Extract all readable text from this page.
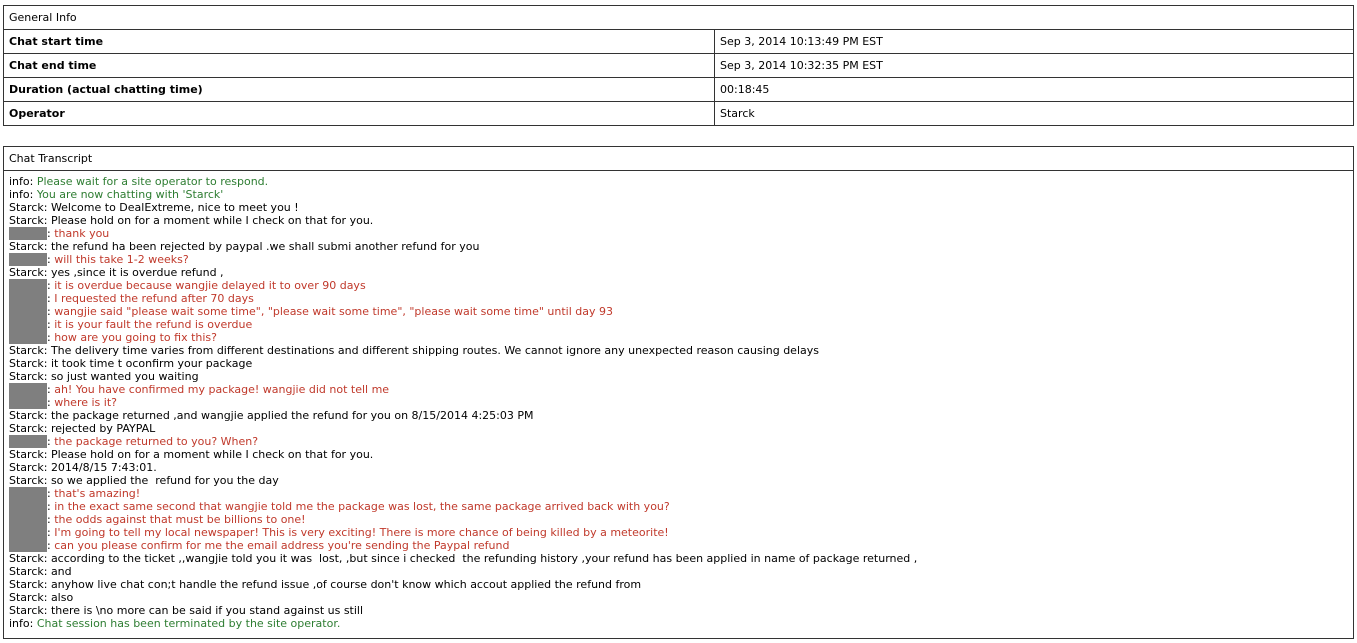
General Info	
Chat start time	Sep 3, 2014 10:13:49 PM EST
Chat end time	Sep 3, 2014 10:32:35 PM EST
Duration (actual chatting time)	00:18:45
Operator	Starck
Chat Transcript
info: Please wait for a site operator to respond.
info: You are now chatting with 'Starck'
Starck: Welcome to DealExtreme, nice to meet you !
Starck: Please hold on for a moment while I check on that for you.
: thank you
Starck: the refund ha been rejected by paypal .we shall submi another refund for you
: will this take 1-2 weeks?
Starck: yes ,since it is overdue refund ,
: it is overdue because wangjie delayed it to over 90 days
: I requested the refund after 70 days
: wangjie said "please wait some time", "please wait some time", "please wait some time" until day 93
: it is your fault the refund is overdue
: how are you going to fix this?
Starck: The delivery time varies from different destinations and different shipping routes. We cannot ignore any unexpected reason causing delays
Starck: it took time t oconfirm your package
Starck: so just wanted you waiting
: ah! You have confirmed my package! wangjie did not tell me
: where is it?
Starck: the package returned ,and wangjie applied the refund for you on 8/15/2014 4:25:03 PM
Starck: rejected by PAYPAL
: the package returned to you? When?
Starck: Please hold on for a moment while I check on that for you.
Starck: 2014/8/15 7:43:01.
Starck: so we applied the  refund for you the day
: that's amazing!
: in the exact same second that wangjie told me the package was lost, the same package arrived back with you?
: the odds against that must be billions to one!
: I'm going to tell my local newspaper! This is very exciting! There is more chance of being killed by a meteorite!
: can you please confirm for me the email address you're sending the Paypal refund
Starck: according to the ticket ,,wangjie told you it was  lost, ,but since i checked  the refunding history ,your refund has been applied in name of package returned ,
Starck: and
Starck: anyhow live chat con;t handle the refund issue ,of course don't know which accout applied the refund from
Starck: also
Starck: there is \no more can be said if you stand against us still
info: Chat session has been terminated by the site operator.
